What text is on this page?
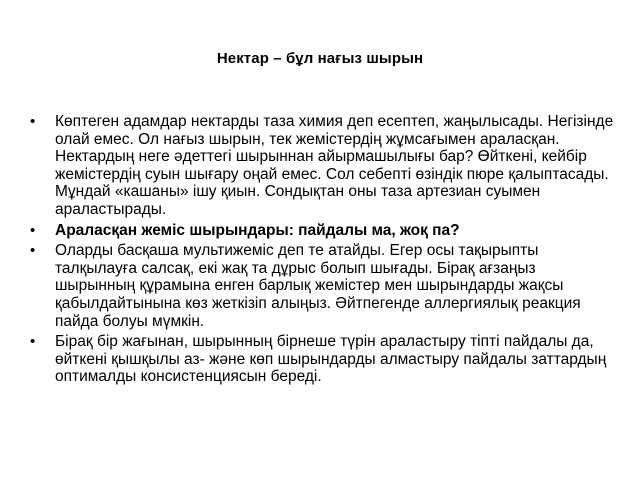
Нектар – бұл нағыз шырын
• Көптеген адамдар нектарды таза химия деп есептеп, жаңылысады. Негізінде олай емес. Ол нағыз шырын, тек жемістердің жұмсағымен араласқан. Нектардың неге әдеттегі шырыннан айырмашылығы бар? Өйткені, кейбір жемістердің суын шығару оңай емес. Сол себепті өзіндік пюре қалыптасады. Мұндай «кашаны» ішу қиын. Сондықтан оны таза артезиан суымен араластырады.
• Араласқан жеміс шырындары: пайдалы ма, жоқ па?
• Оларды басқаша мультижеміс деп те атайды. Егер осы тақырыпты талқылауға салсақ, екі жақ та дұрыс болып шығады. Бірақ ағзаңыз шырынның құрамына енген барлық жемістер мен шырындарды жақсы қабылдайтынына көз жеткізіп алыңыз. Әйтпегенде аллергиялық реакция пайда болуы мүмкін.
• Бірақ бір жағынан, шырынның бірнеше түрін араластыру тіпті пайдалы да, өйткені қышқылы аз- және көп шырындарды алмастыру пайдалы заттардың оптималды консистенциясын береді.
